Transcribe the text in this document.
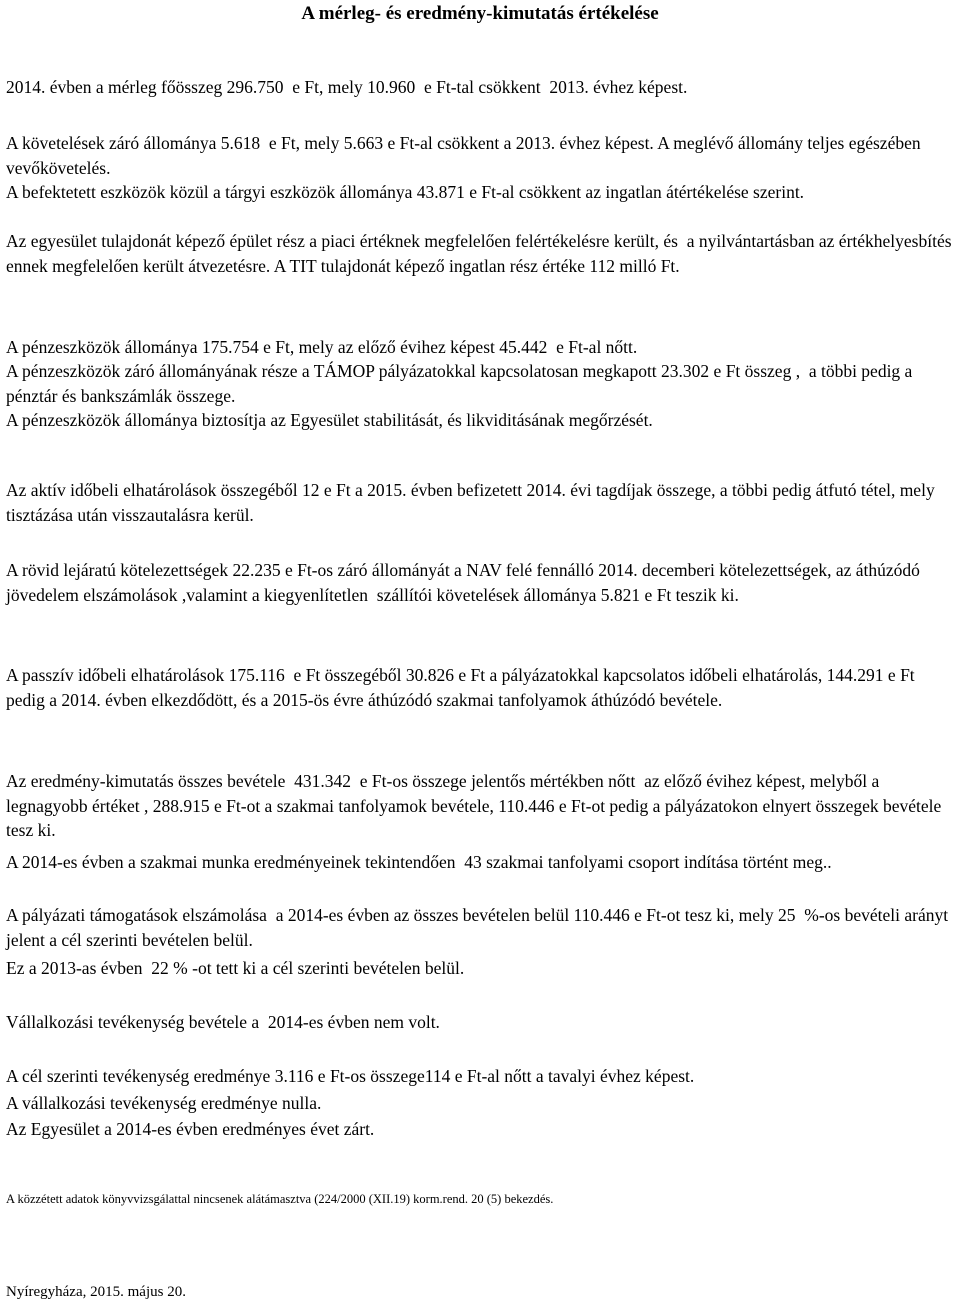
A mérleg- és eredmény-kimutatás értékelése

2014. évben a mérleg főösszeg 296.750  e Ft, mely 10.960  e Ft-tal csökkent  2013. évhez képest.

A követelések záró állománya 5.618  e Ft, mely 5.663 e Ft-al csökkent a 2013. évhez képest. A meglévő állomány teljes egészében vevőkövetelés.

A befektetett eszközök közül a tárgyi eszközök állománya 43.871 e Ft-al csökkent az ingatlan átértékelése szerint.

Az egyesület tulajdonát képező épület rész a piaci értéknek megfelelően felértékelésre került, és  a nyilvántartásban az értékhelyesbítés ennek megfelelően került átvezetésre. A TIT tulajdonát képező ingatlan rész értéke 112 milló Ft.

A pénzeszközök állománya 175.754 e Ft, mely az előző évihez képest 45.442  e Ft-al nőtt.

A pénzeszközök záró állományának része a TÁMOP pályázatokkal kapcsolatosan megkapott 23.302 e Ft összeg ,  a többi pedig a pénztár és bankszámlák összege.

A pénzeszközök állománya biztosítja az Egyesület stabilitását, és likviditásának megőrzését.

Az aktív időbeli elhatárolások összegéből 12 e Ft a 2015. évben befizetett 2014. évi tagdíjak összege, a többi pedig átfutó tétel, mely tisztázása után visszautalásra kerül.

A rövid lejáratú kötelezettségek 22.235 e Ft-os záró állományát a NAV felé fennálló 2014. decemberi kötelezettségek, az áthúzódó jövedelem elszámolások ,valamint a kiegyenlítetlen  szállítói követelések állománya 5.821 e Ft teszik ki.

A passzív időbeli elhatárolások 175.116  e Ft összegéből 30.826 e Ft a pályázatokkal kapcsolatos időbeli elhatárolás, 144.291 e Ft pedig a 2014. évben elkezdődött, és a 2015-ös évre áthúzódó szakmai tanfolyamok áthúzódó bevétele.

Az eredmény-kimutatás összes bevétele  431.342  e Ft-os összege jelentős mértékben nőtt  az előző évihez képest, melyből a legnagyobb értéket , 288.915 e Ft-ot a szakmai tanfolyamok bevétele, 110.446 e Ft-ot pedig a pályázatokon elnyert összegek bevétele tesz ki.

A 2014-es évben a szakmai munka eredményeinek tekintendően  43 szakmai tanfolyami csoport indítása történt meg..

A pályázati támogatások elszámolása  a 2014-es évben az összes bevételen belül 110.446 e Ft-ot tesz ki, mely 25  %-os bevételi arányt jelent a cél szerinti bevételen belül.

Ez a 2013-as évben  22 % -ot tett ki a cél szerinti bevételen belül.

Vállalkozási tevékenység bevétele a  2014-es évben nem volt.

A cél szerinti tevékenység eredménye 3.116 e Ft-os összege114 e Ft-al nőtt a tavalyi évhez képest.

A vállalkozási tevékenység eredménye nulla.

Az Egyesület a 2014-es évben eredményes évet zárt.

A közzétett adatok könyvvizsgálattal nincsenek alátámasztva (224/2000 (XII.19) korm.rend. 20 (5) bekezdés.
Nyíregyháza, 2015. május 20.
